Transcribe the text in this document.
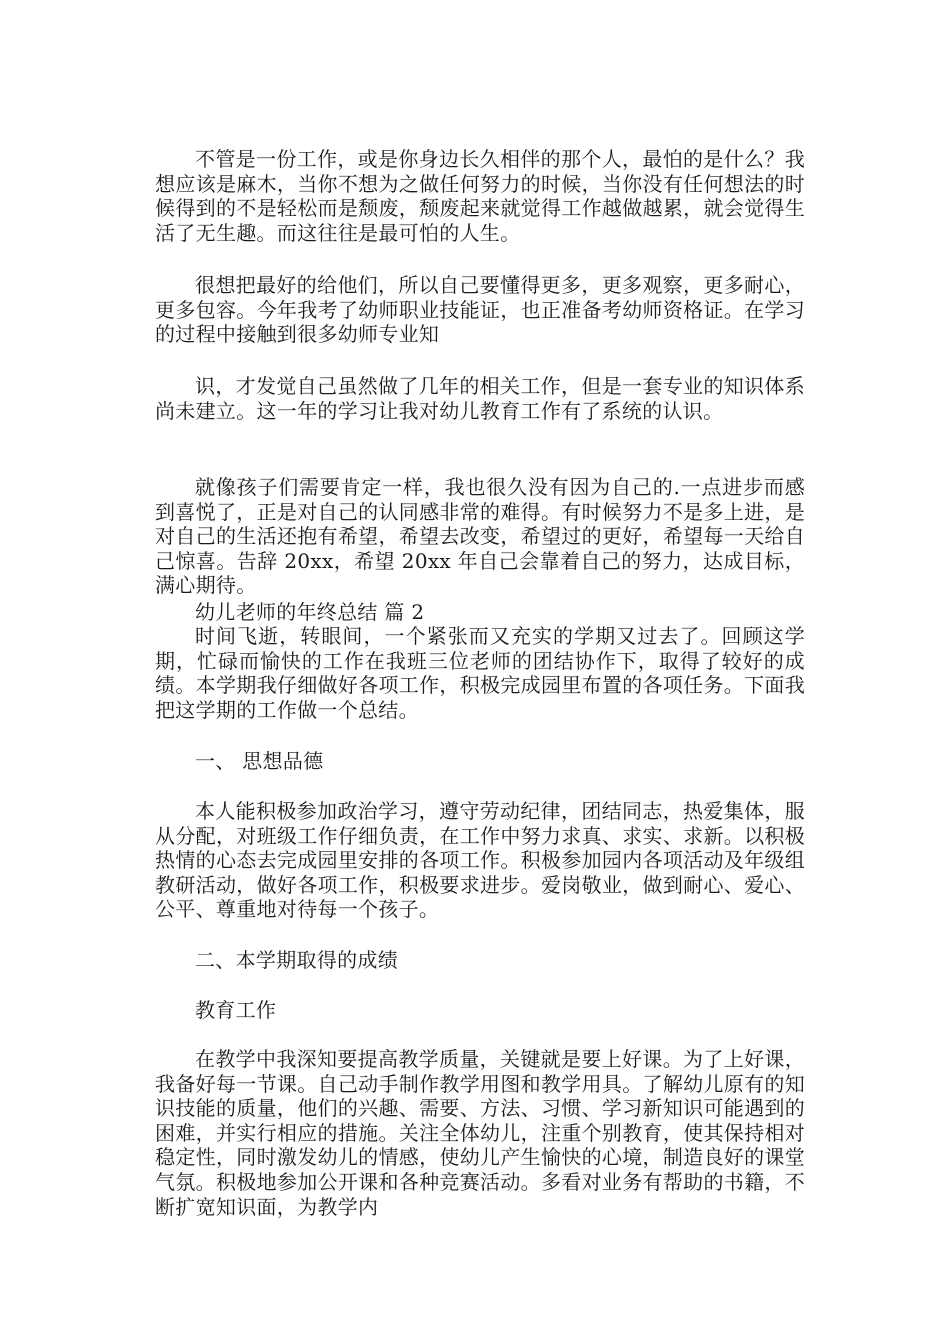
不管是一份工作，或是你身边长久相伴的那个人，最怕的是什么？我想应该是麻木，当你不想为之做任何努力的时候，当你没有任何想法的时候得到的不是轻松而是颓废，颓废起来就觉得工作越做越累，就会觉得生活了无生趣。而这往往是最可怕的人生。

很想把最好的给他们，所以自己要懂得更多，更多观察，更多耐心，更多包容。今年我考了幼师职业技能证，也正准备考幼师资格证。在学习的过程中接触到很多幼师专业知

识，才发觉自己虽然做了几年的相关工作，但是一套专业的知识体系尚未建立。这一年的学习让我对幼儿教育工作有了系统的认识。

就像孩子们需要肯定一样，我也很久没有因为自己的.一点进步而感到喜悦了，正是对自己的认同感非常的难得。有时候努力不是多上进，是对自己的生活还抱有希望，希望去改变，希望过的更好，希望每一天给自己惊喜。告辞 20xx，希望 20xx 年自己会靠着自己的努力，达成目标，满心期待。

幼儿老师的年终总结 篇 2

时间飞逝，转眼间，一个紧张而又充实的学期又过去了。回顾这学期，忙碌而愉快的工作在我班三位老师的团结协作下，取得了较好的成绩。本学期我仔细做好各项工作，积极完成园里布置的各项任务。下面我把这学期的工作做一个总结。

一、 思想品德

本人能积极参加政治学习，遵守劳动纪律，团结同志，热爱集体，服从分配，对班级工作仔细负责，在工作中努力求真、求实、求新。以积极热情的心态去完成园里安排的各项工作。积极参加园内各项活动及年级组教研活动，做好各项工作，积极要求进步。爱岗敬业，做到耐心、爱心、公平、尊重地对待每一个孩子。

二、本学期取得的成绩

教育工作

在教学中我深知要提高教学质量，关键就是要上好课。为了上好课，我备好每一节课。自己动手制作教学用图和教学用具。了解幼儿原有的知识技能的质量，他们的兴趣、需要、方法、习惯、学习新知识可能遇到的困难，并实行相应的措施。关注全体幼儿，注重个别教育，使其保持相对稳定性，同时激发幼儿的情感，使幼儿产生愉快的心境，制造良好的课堂气氛。积极地参加公开课和各种竞赛活动。多看对业务有帮助的书籍，不断扩宽知识面，为教学内
